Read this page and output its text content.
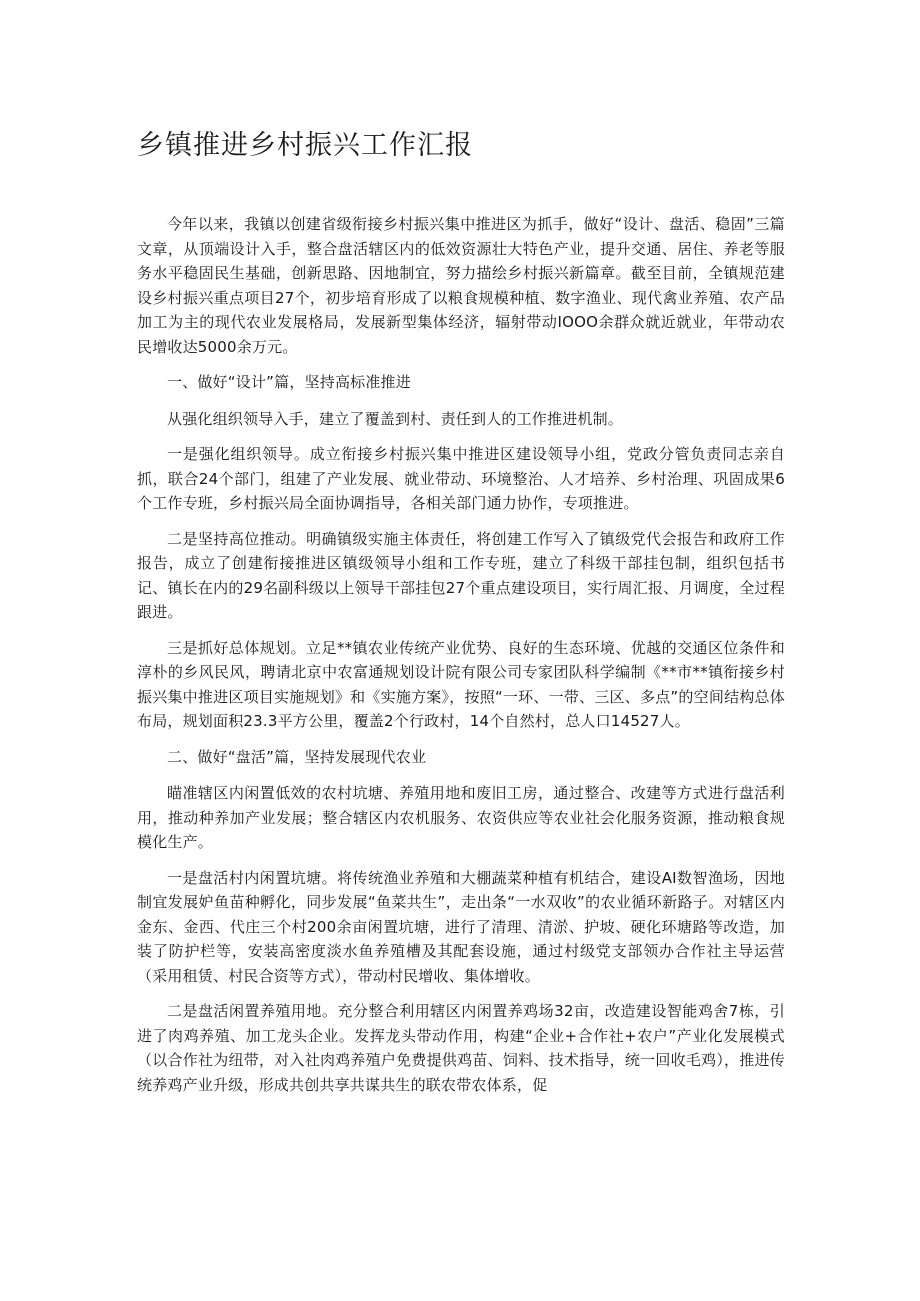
乡镇推进乡村振兴工作汇报

今年以来，我镇以创建省级衔接乡村振兴集中推进区为抓手，做好“设计、盘活、稳固”三篇文章，从顶端设计入手，整合盘活辖区内的低效资源壮大特色产业，提升交通、居住、养老等服务水平稳固民生基础，创新思路、因地制宜，努力描绘乡村振兴新篇章。截至目前，全镇规范建设乡村振兴重点项目27个，初步培育形成了以粮食规模种植、数字渔业、现代禽业养殖、农产品加工为主的现代农业发展格局，发展新型集体经济，辐射带动IOOO余群众就近就业，年带动农民增收达5000余万元。

一、做好“设计”篇，坚持高标准推进

从强化组织领导入手，建立了覆盖到村、责任到人的工作推进机制。

一是强化组织领导。成立衔接乡村振兴集中推进区建设领导小组，党政分管负责同志亲自抓，联合24个部门，组建了产业发展、就业带动、环境整治、人才培养、乡村治理、巩固成果6个工作专班，乡村振兴局全面协调指导，各相关部门通力协作，专项推进。

二是坚持高位推动。明确镇级实施主体责任，将创建工作写入了镇级党代会报告和政府工作报告，成立了创建衔接推进区镇级领导小组和工作专班，建立了科级干部挂包制，组织包括书记、镇长在内的29名副科级以上领导干部挂包27个重点建设项目，实行周汇报、月调度，全过程跟进。

三是抓好总体规划。立足**镇农业传统产业优势、良好的生态环境、优越的交通区位条件和淳朴的乡风民风，聘请北京中农富通规划设计院有限公司专家团队科学编制《**市**镇衔接乡村振兴集中推进区项目实施规划》和《实施方案》，按照“一环、一带、三区、多点”的空间结构总体布局，规划面积23.3平方公里，覆盖2个行政村，14个自然村，总人口14527人。

二、做好“盘活”篇，坚持发展现代农业

瞄准辖区内闲置低效的农村坑塘、养殖用地和废旧工房，通过整合、改建等方式进行盘活利用，推动种养加产业发展；整合辖区内农机服务、农资供应等农业社会化服务资源，推动粮食规模化生产。

一是盘活村内闲置坑塘。将传统渔业养殖和大棚蔬菜种植有机结合，建设AI数智渔场，因地制宜发展妒鱼苗种孵化，同步发展“鱼菜共生”，走出条“一水双收”的农业循环新路子。对辖区内金东、金西、代庄三个村200余亩闲置坑塘，进行了清理、清淤、护坡、硬化环塘路等改造，加装了防护栏等，安装高密度淡水鱼养殖槽及其配套设施，通过村级党支部领办合作社主导运营（采用租赁、村民合资等方式），带动村民增收、集体增收。

二是盘活闲置养殖用地。充分整合利用辖区内闲置养鸡场32亩，改造建设智能鸡舍7栋，引进了肉鸡养殖、加工龙头企业。发挥龙头带动作用，构建“企业+合作社+农户”产业化发展模式（以合作社为纽带，对入社肉鸡养殖户免费提供鸡苗、饲料、技术指导，统一回收毛鸡），推进传统养鸡产业升级，形成共创共享共谋共生的联农带农体系，促
